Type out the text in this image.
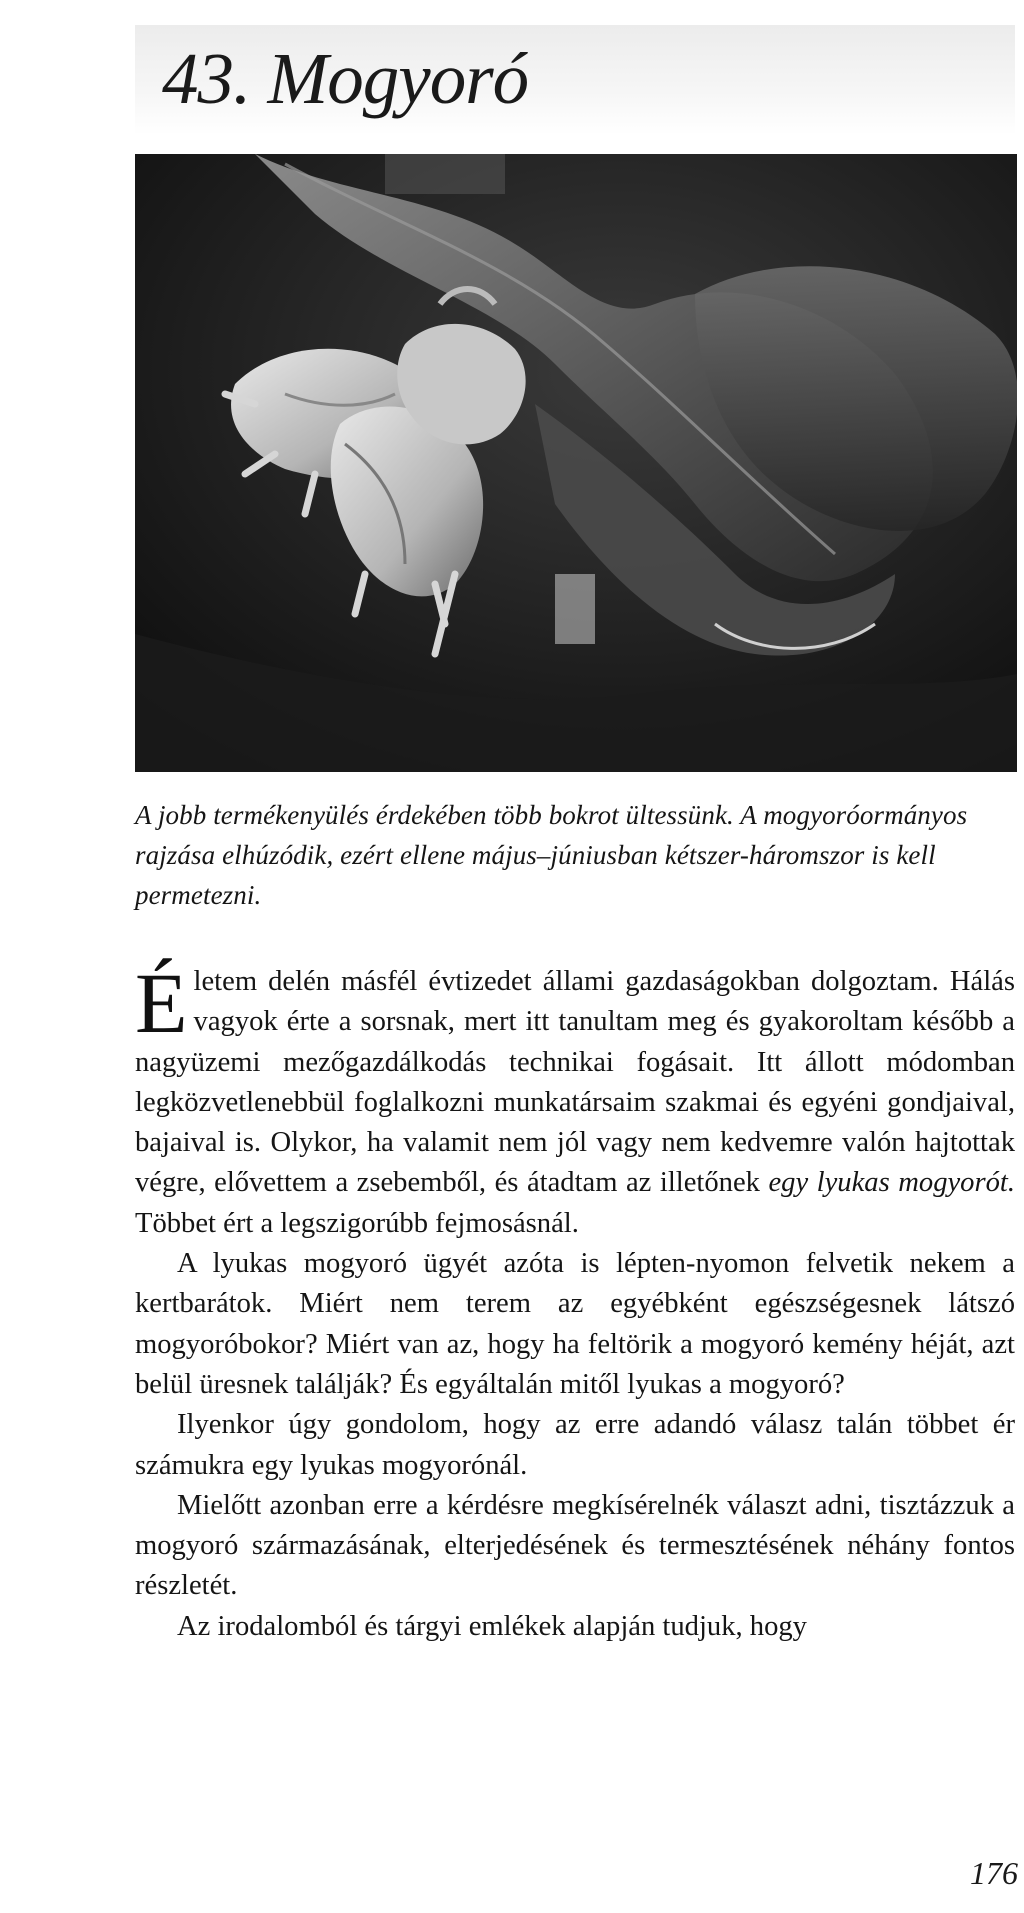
43. Mogyoró

A jobb termékenyülés érdekében több bokrot ültessünk. A mogyoróormányos rajzása elhúzódik, ezért ellene május–júniusban kétszer-háromszor is kell permetezni.

Életem delén másfél évtizedet állami gazdaságokban dolgoztam. Hálás vagyok érte a sorsnak, mert itt tanultam meg és gyakoroltam később a nagyüzemi mezőgazdálkodás technikai fogásait. Itt állott módomban legközvetlenebbül foglalkozni munkatársaim szakmai és egyéni gondjaival, bajaival is. Olykor, ha valamit nem jól vagy nem kedvemre valón hajtottak végre, elővettem a zsebemből, és átadtam az illetőnek egy lyukas mogyorót. Többet ért a legszigorúbb fejmosásnál.

A lyukas mogyoró ügyét azóta is lépten-nyomon felvetik nekem a kertbarátok. Miért nem terem az egyébként egészségesnek látszó mogyoróbokor? Miért van az, hogy ha feltörik a mogyoró kemény héját, azt belül üresnek találják? És egyáltalán mitől lyukas a mogyoró?

Ilyenkor úgy gondolom, hogy az erre adandó válasz talán többet ér számukra egy lyukas mogyorónál.

Mielőtt azonban erre a kérdésre megkísérelnék választ adni, tisztázzuk a mogyoró származásának, elterjedésének és termesztésének néhány fontos részletét.

Az irodalomból és tárgyi emlékek alapján tudjuk, hogy

176
